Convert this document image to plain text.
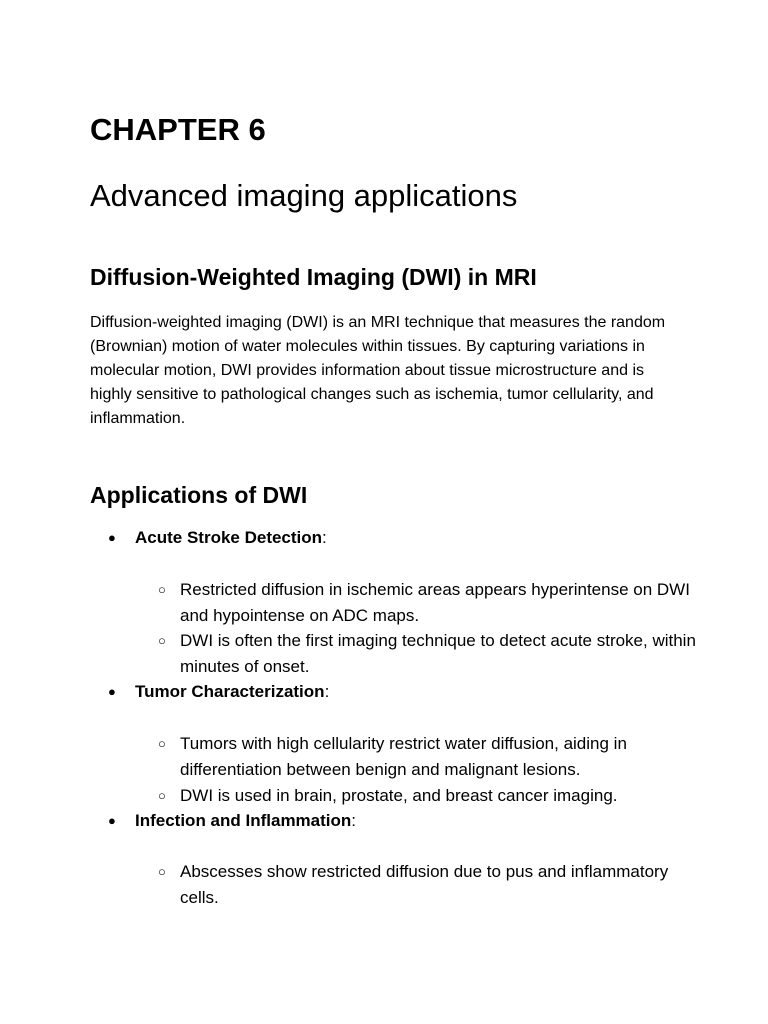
CHAPTER 6
Advanced imaging applications
Diffusion-Weighted Imaging (DWI) in MRI

Diffusion-weighted imaging (DWI) is an MRI technique that measures the random (Brownian) motion of water molecules within tissues. By capturing variations in molecular motion, DWI provides information about tissue microstructure and is highly sensitive to pathological changes such as ischemia, tumor cellularity, and inflammation.

Applications of DWI
● Acute Stroke Detection:
○ Restricted diffusion in ischemic areas appears hyperintense on DWI and hypointense on ADC maps.
○ DWI is often the first imaging technique to detect acute stroke, within minutes of onset.
● Tumor Characterization:
○ Tumors with high cellularity restrict water diffusion, aiding in differentiation between benign and malignant lesions.
○ DWI is used in brain, prostate, and breast cancer imaging.
● Infection and Inflammation:
○ Abscesses show restricted diffusion due to pus and inflammatory cells.
